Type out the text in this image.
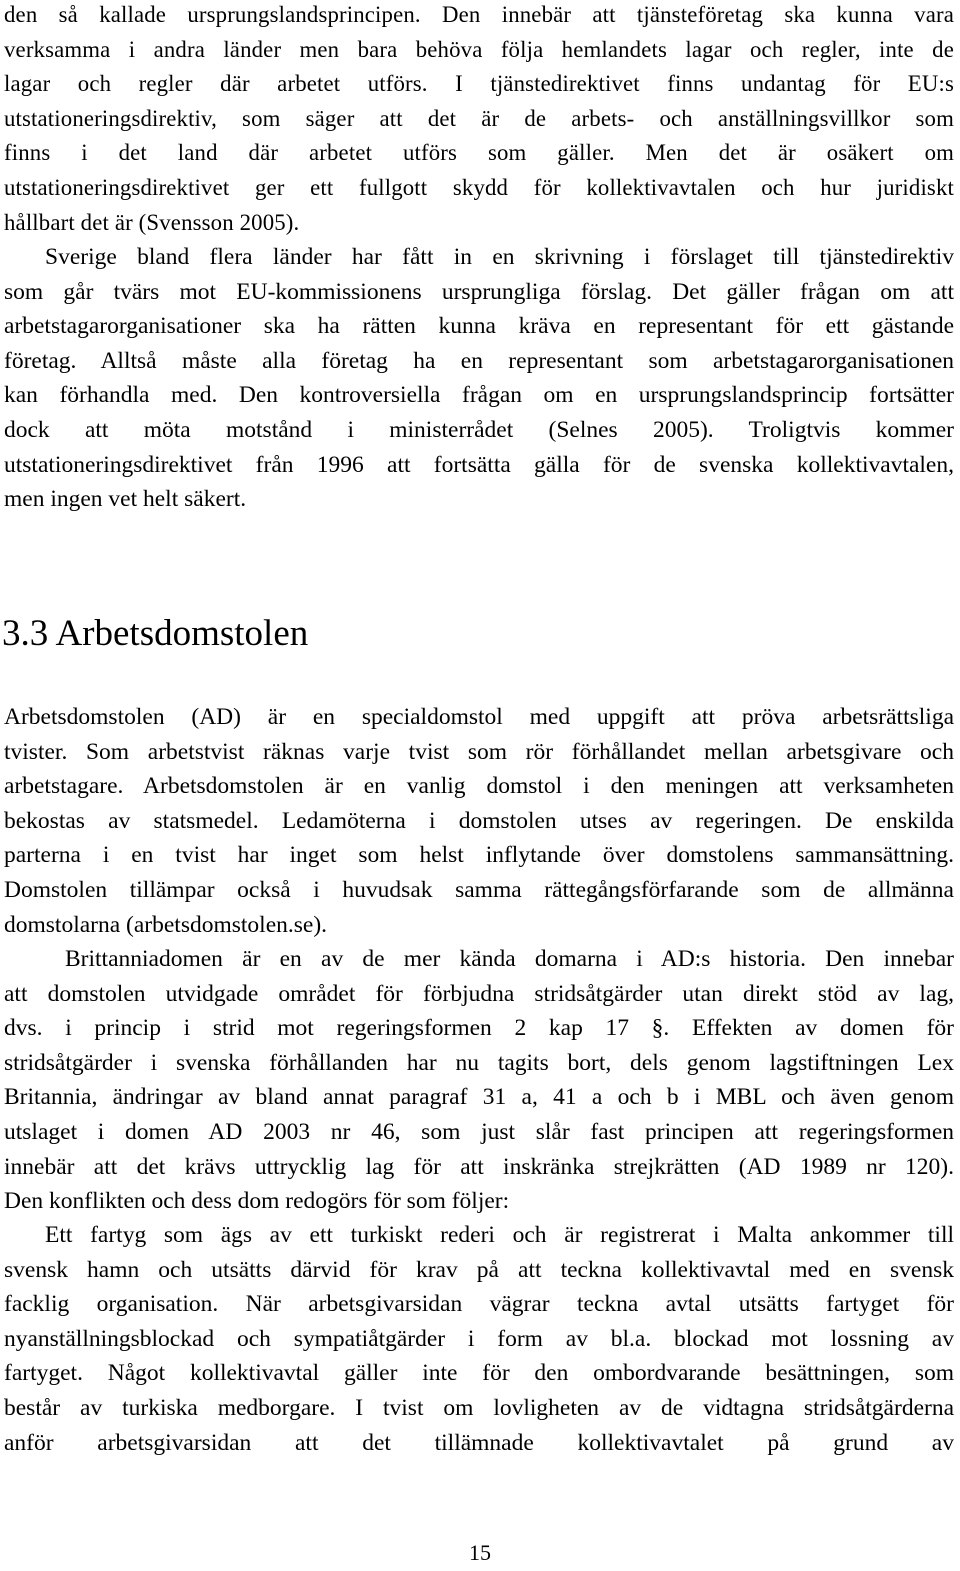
den så kallade ursprungslandsprincipen. Den innebär att tjänsteföretag ska kunna vara
verksamma i andra länder men bara behöva följa hemlandets lagar och regler, inte de
lagar och regler där arbetet utförs. I tjänstedirektivet finns undantag för EU:s
utstationeringsdirektiv, som säger att det är de arbets- och anställningsvillkor som
finns i det land där arbetet utförs som gäller. Men det är osäkert om
utstationeringsdirektivet ger ett fullgott skydd för kollektivavtalen och hur juridiskt
hållbart det är (Svensson 2005).
Sverige bland flera länder har fått in en skrivning i förslaget till tjänstedirektiv
som går tvärs mot EU-kommissionens ursprungliga förslag. Det gäller frågan om att
arbetstagarorganisationer ska ha rätten kunna kräva en representant för ett gästande
företag. Alltså måste alla företag ha en representant som arbetstagarorganisationen
kan förhandla med. Den kontroversiella frågan om en ursprungslandsprincip fortsätter
dock att möta motstånd i ministerrådet (Selnes 2005). Troligtvis kommer
utstationeringsdirektivet från 1996 att fortsätta gälla för de svenska kollektivavtalen,
men ingen vet helt säkert.
3.3 Arbetsdomstolen
Arbetsdomstolen (AD) är en specialdomstol med uppgift att pröva arbetsrättsliga
tvister. Som arbetstvist räknas varje tvist som rör förhållandet mellan arbetsgivare och
arbetstagare. Arbetsdomstolen är en vanlig domstol i den meningen att verksamheten
bekostas av statsmedel. Ledamöterna i domstolen utses av regeringen. De enskilda
parterna i en tvist har inget som helst inflytande över domstolens sammansättning.
Domstolen tillämpar också i huvudsak samma rättegångsförfarande som de allmänna
domstolarna (arbetsdomstolen.se).
Brittanniadomen är en av de mer kända domarna i AD:s historia. Den innebar
att domstolen utvidgade området för förbjudna stridsåtgärder utan direkt stöd av lag,
dvs. i princip i strid mot regeringsformen 2 kap 17 §. Effekten av domen för
stridsåtgärder i svenska förhållanden har nu tagits bort, dels genom lagstiftningen Lex
Britannia, ändringar av bland annat paragraf 31 a, 41 a och b i MBL och även genom
utslaget i domen AD 2003 nr 46, som just slår fast principen att regeringsformen
innebär att det krävs uttrycklig lag för att inskränka strejkrätten (AD 1989 nr 120).
Den konflikten och dess dom redogörs för som följer:
Ett fartyg som ägs av ett turkiskt rederi och är registrerat i Malta ankommer till
svensk hamn och utsätts därvid för krav på att teckna kollektivavtal med en svensk
facklig organisation. När arbetsgivarsidan vägrar teckna avtal utsätts fartyget för
nyanställningsblockad och sympatiåtgärder i form av bl.a. blockad mot lossning av
fartyget. Något kollektivavtal gäller inte för den ombordvarande besättningen, som
består av turkiska medborgare. I tvist om lovligheten av de vidtagna stridsåtgärderna
anför arbetsgivarsidan att det tillämnade kollektivavtalet på grund av
15
